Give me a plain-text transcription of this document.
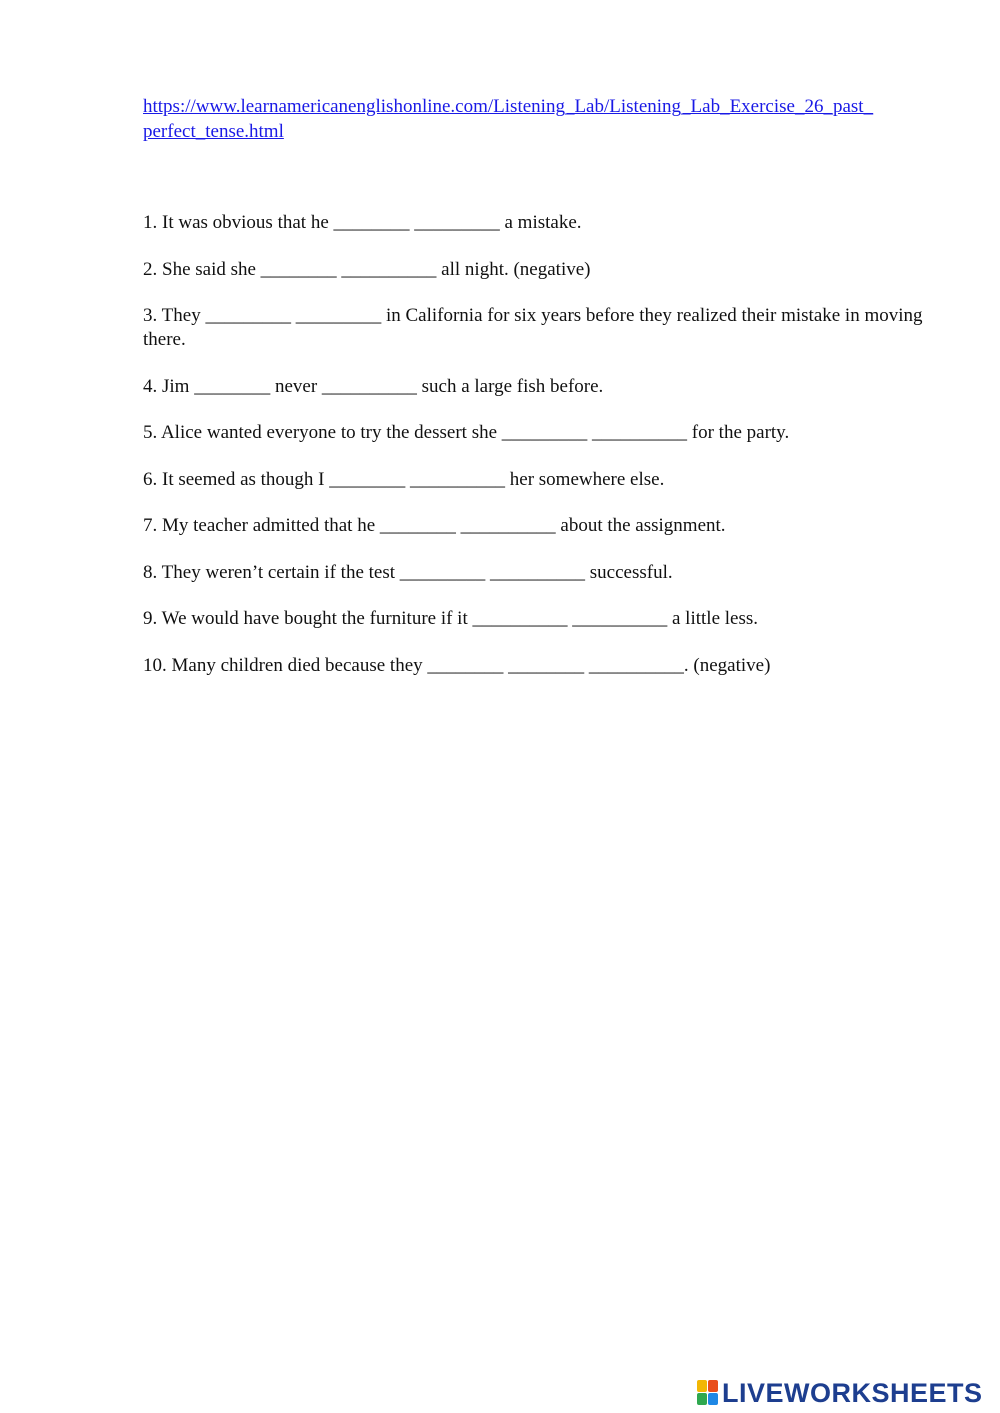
https://www.learnamericanenglishonline.com/Listening_Lab/Listening_Lab_Exercise_26_past_
perfect_tense.html
1. It was obvious that he ________ _________ a mistake.
2. She said she ________ __________ all night. (negative)
3. They _________ _________ in California for six years before they realized their mistake in moving there.
4. Jim ________ never __________ such a large fish before.
5. Alice wanted everyone to try the dessert she _________ __________ for the party.
6. It seemed as though I ________ __________ her somewhere else.
7. My teacher admitted that he ________ __________ about the assignment.
8. They weren’t certain if the test _________ __________ successful.
9. We would have bought the furniture if it __________ __________ a little less.
10. Many children died because they ________ ________ __________. (negative)
LIVEWORKSHEETS
